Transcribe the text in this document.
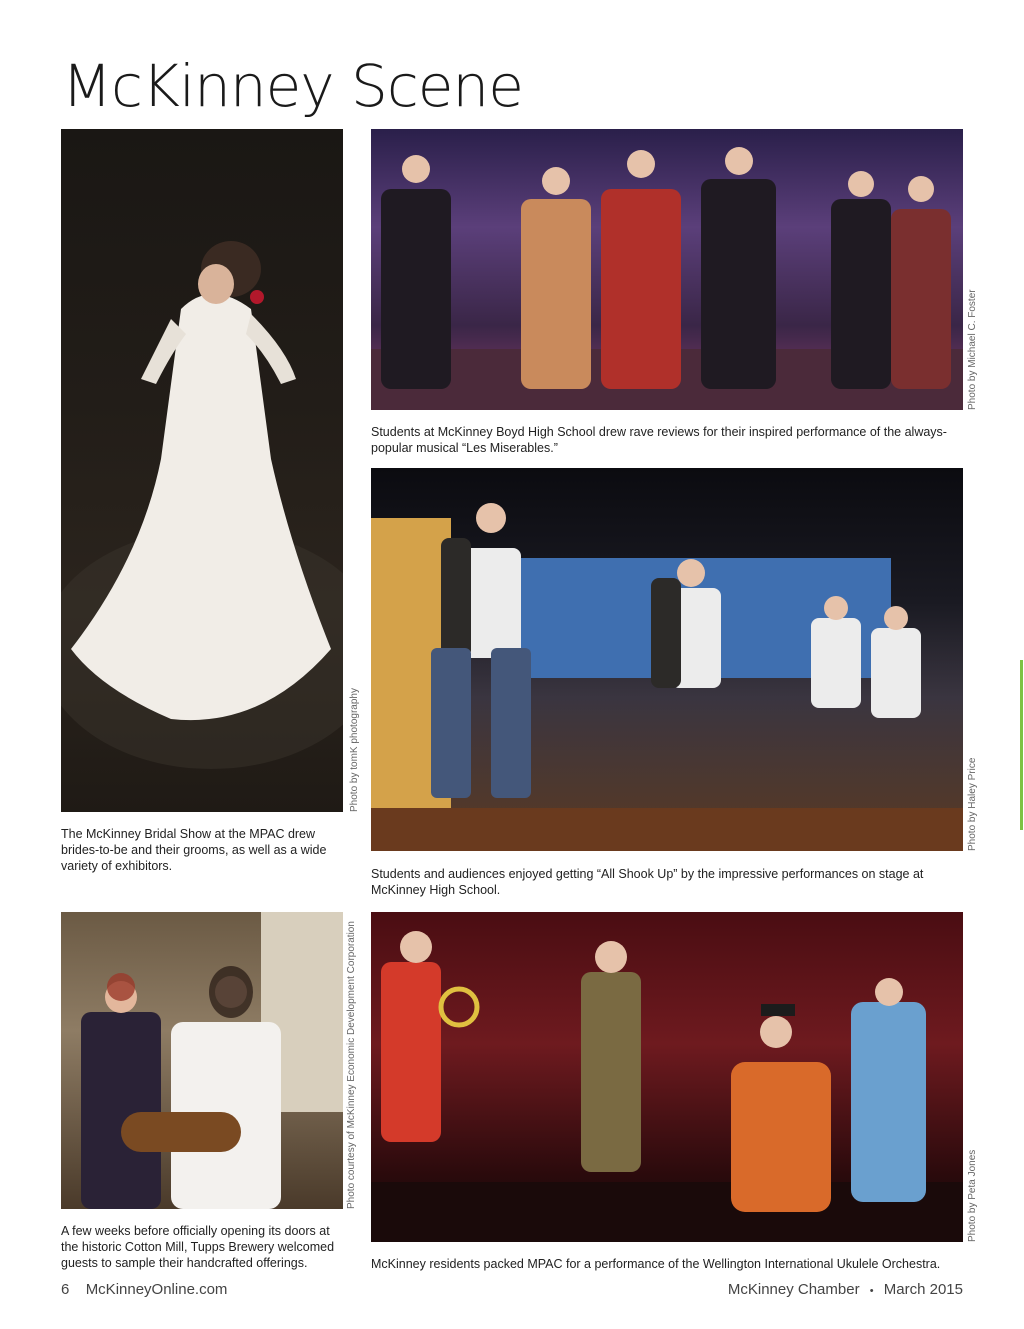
McKinney Scene
Photo by tomK photography
The McKinney Bridal Show at the MPAC drew brides-to-be and their grooms, as well as a wide variety of exhibitors.
Photo by Michael C. Foster
Students at McKinney Boyd High School drew rave reviews for their inspired performance of the always-popular musical “Les Miserables.”
Photo by Haley Price
Students and audiences enjoyed getting “All Shook Up” by the impressive performances on stage at McKinney High School.
Photo courtesy of McKinney Economic Development Corporation
A few weeks before officially opening its doors at the historic Cotton Mill, Tupps Brewery welcomed guests to sample their handcrafted offerings.
Photo by Peta Jones
McKinney residents packed MPAC for a performance of the Wellington International Ukulele Orchestra.
6 McKinneyOnline.com	McKinney Chamber • March 2015
